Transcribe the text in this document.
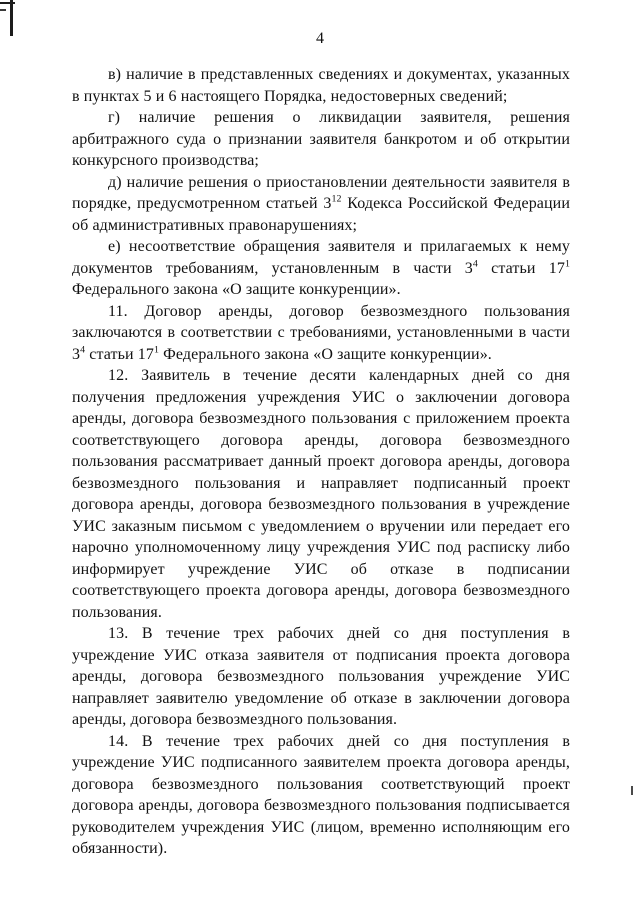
4

в) наличие в представленных сведениях и документах, указанных в пунктах 5 и 6 настоящего Порядка, недостоверных сведений;

г) наличие решения о ликвидации заявителя, решения арбитражного суда о признании заявителя банкротом и об открытии конкурсного производства;

д) наличие решения о приостановлении деятельности заявителя в порядке, предусмотренном статьей $3^{12}$ Кодекса Российской Федерации об административных правонарушениях;

е) несоответствие обращения заявителя и прилагаемых к нему документов требованиям, установленным в части $3^4$ статьи $17^1$ Федерального закона «О защите конкуренции».

11. Договор аренды, договор безвозмездного пользования заключаются в соответствии с требованиями, установленными в части $3^4$ статьи $17^1$ Федерального закона «О защите конкуренции».

12. Заявитель в течение десяти календарных дней со дня получения предложения учреждения УИС о заключении договора аренды, договора безвозмездного пользования с приложением проекта соответствующего договора аренды, договора безвозмездного пользования рассматривает данный проект договора аренды, договора безвозмездного пользования и направляет подписанный проект договора аренды, договора безвозмездного пользования в учреждение УИС заказным письмом с уведомлением о вручении или передает его нарочно уполномоченному лицу учреждения УИС под расписку либо информирует учреждение УИС об отказе в подписании соответствующего проекта договора аренды, договора безвозмездного пользования.

13. В течение трех рабочих дней со дня поступления в учреждение УИС отказа заявителя от подписания проекта договора аренды, договора безвозмездного пользования учреждение УИС направляет заявителю уведомление об отказе в заключении договора аренды, договора безвозмездного пользования.

14. В течение трех рабочих дней со дня поступления в учреждение УИС подписанного заявителем проекта договора аренды, договора безвозмездного пользования соответствующий проект договора аренды, договора безвозмездного пользования подписывается руководителем учреждения УИС (лицом, временно исполняющим его обязанности).
